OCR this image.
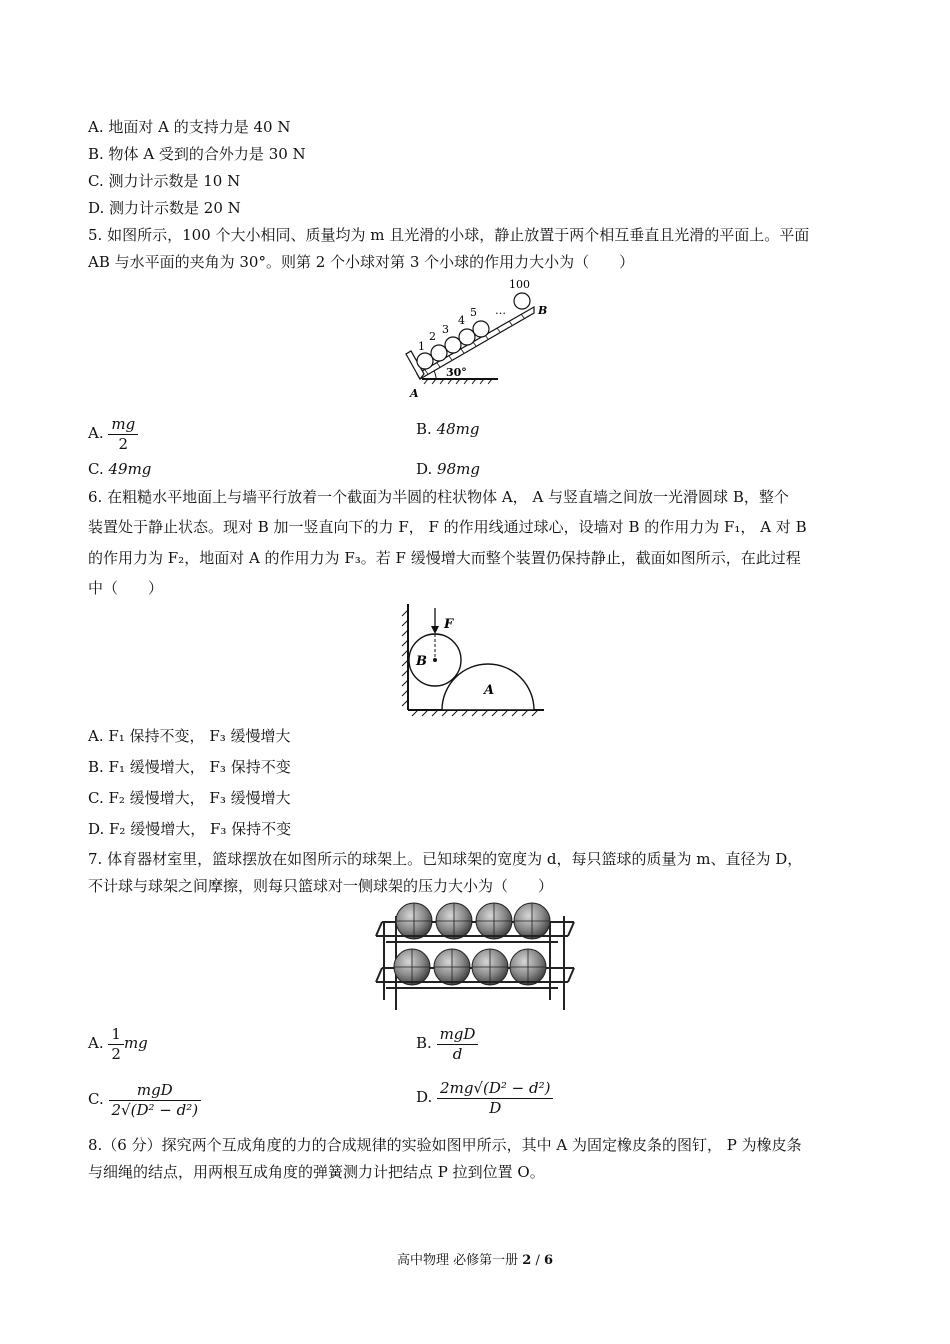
A. 地面对 A 的支持力是 40 N
B. 物体 A 受到的合外力是 30 N
C. 测力计示数是 10 N
D. 测力计示数是 20 N
5. 如图所示，100 个大小相同、质量均为 m 且光滑的小球，静止放置于两个相互垂直且光滑的平面上。平面
AB 与水平面的夹角为 30°。则第 2 个小球对第 3 个小球的作用力大小为（　　）
1
2
3
4
5 …
100
B
A
30°
A. $\frac{mg}{2}$	B. 48mg
C. 49mg	D. 98mg
6. 在粗糙水平地面上与墙平行放着一个截面为半圆的柱状物体 A， A 与竖直墙之间放一光滑圆球 B，整个
装置处于静止状态。现对 B 加一竖直向下的力 F， F 的作用线通过球心，设墙对 B 的作用力为 F₁， A 对 B
的作用力为 F₂，地面对 A 的作用力为 F₃。若 F 缓慢增大而整个装置仍保持静止，截面如图所示，在此过程
中（　　）
F
B
A
A. F₁ 保持不变， F₃ 缓慢增大
B. F₁ 缓慢增大， F₃ 保持不变
C. F₂ 缓慢增大， F₃ 缓慢增大
D. F₂ 缓慢增大， F₃ 保持不变
7. 体育器材室里，篮球摆放在如图所示的球架上。已知球架的宽度为 d，每只篮球的质量为 m、直径为 D，
不计球与球架之间摩擦，则每只篮球对一侧球架的压力大小为（　　）
A. $\frac{1}{2}$ mg	B. $\frac{\text{mgD}}{d}$
C. $\frac{\text{mgD}}{\text{2√(D² − d²)}}$	D. $\frac{\text{2mg√(D² − d²)}}{D}$
8.（6 分）探究两个互成角度的力的合成规律的实验如图甲所示，其中 A 为固定橡皮条的图钉， P 为橡皮条
与细绳的结点，用两根互成角度的弹簧测力计把结点 P 拉到位置 O。
高中物理 必修第一册 2 / 6
